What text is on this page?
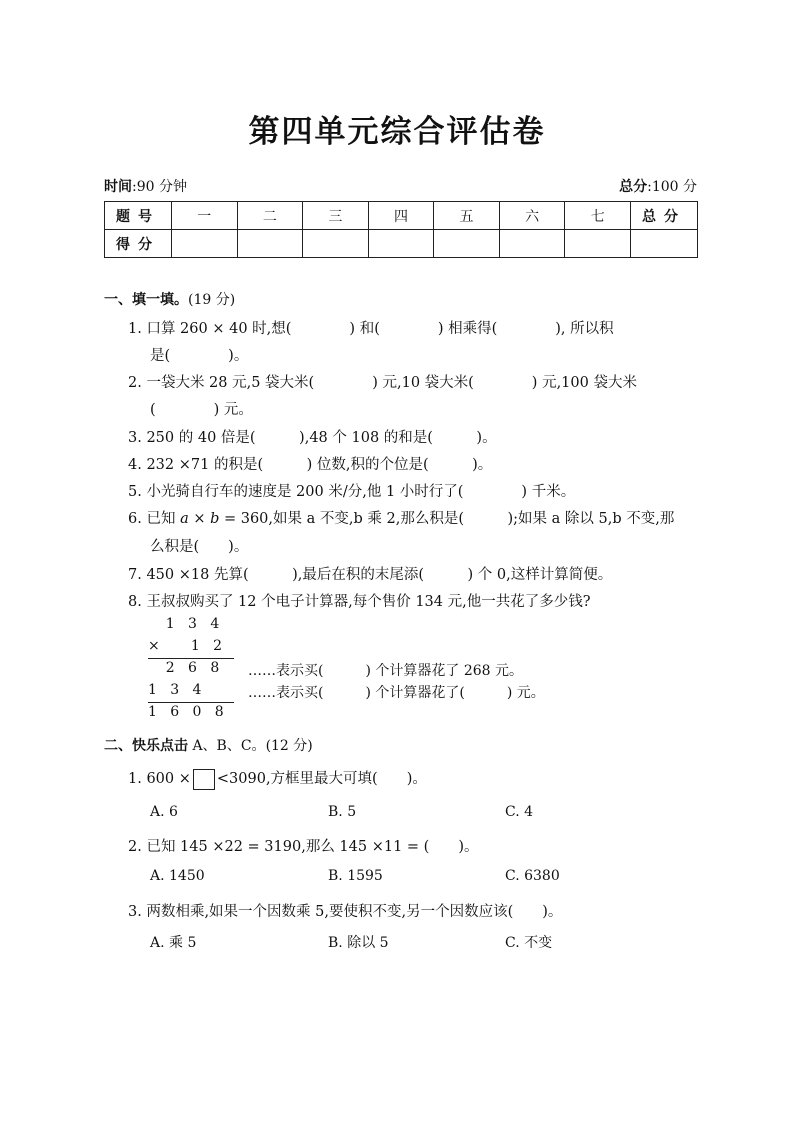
第四单元综合评估卷
时间:90 分钟	总分:100 分
题号	一	二	三	四	五	六	七	总分
得分								
一、填一填。(19 分)
1. 口算 260 × 40 时,想(　　　　) 和(　　　　) 相乘得(　　　　), 所以积
是(　　　　)。
2. 一袋大米 28 元,5 袋大米(　　　　) 元,10 袋大米(　　　　) 元,100 袋大米
(　　　　) 元。
3. 250 的 40 倍是(　　　),48 个 108 的和是(　　　)。
4. 232 ×71 的积是(　　　) 位数,积的个位是(　　　)。
5. 小光骑自行车的速度是 200 米/分,他 1 小时行了(　　　　) 千米。
6. 已知 a × b = 360,如果 a 不变,b 乘 2,那么积是(　　　);如果 a 除以 5,b 不变,那
么积是(　　)。
7. 450 ×18 先算(　　　),最后在积的末尾添(　　　) 个 0,这样计算简便。
8. 王叔叔购买了 12 个电子计算器,每个售价 134 元,他一共花了多少钱?
1   3   4
×       1   2
2   6   8
1   3   4
1   6   0   8
……表示买(　　　) 个计算器花了 268 元。
……表示买(　　　) 个计算器花了(　　　) 元。
二、快乐点击 A、B、C。(12 分)
1. 600 × <3090,方框里最大可填(　　)。
A. 6	B. 5	C. 4
2. 已知 145 ×22 = 3190,那么 145 ×11 = (　　)。
A. 1450	B. 1595	C. 6380
3. 两数相乘,如果一个因数乘 5,要使积不变,另一个因数应该(　　)。
A. 乘 5	B. 除以 5	C. 不变
